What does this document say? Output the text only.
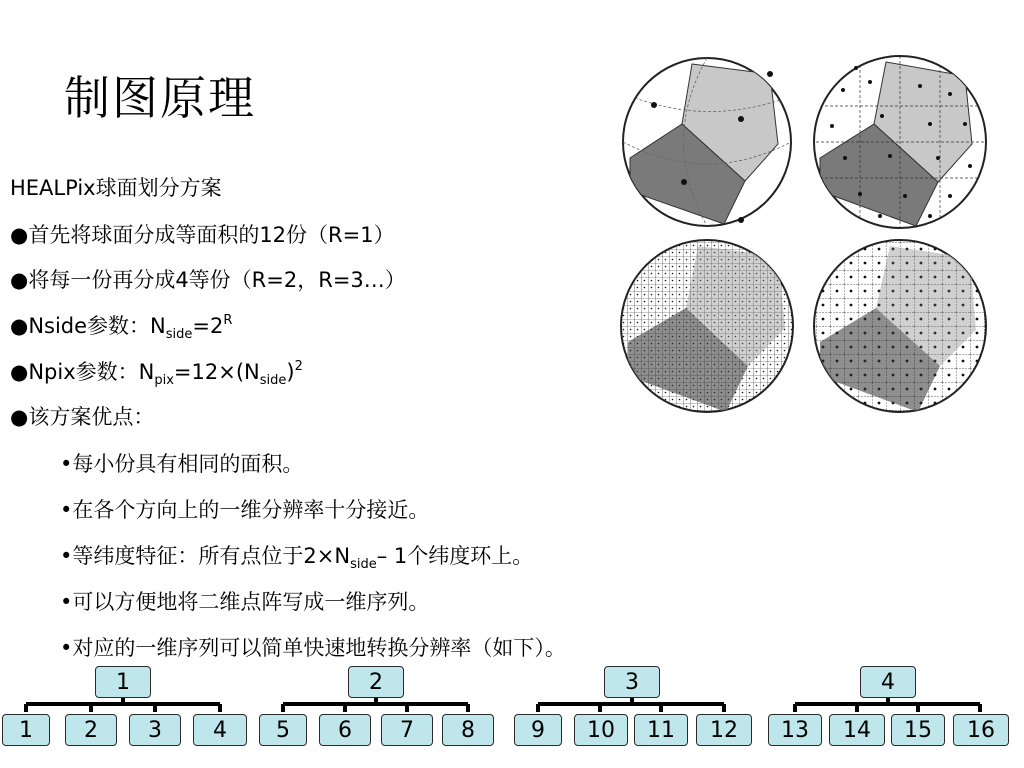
制图原理
HEALPix球面划分方案
●首先将球面分成等面积的12份（R=1）
●将每一份再分成4等份（R=2，R=3…）
●Nside参数：$N_{side}=2^R$
●Npix参数：$N_{pix}=12\times(N_{side})^2$
●该方案优点：
•每小份具有相同的面积。
•在各个方向上的一维分辨率十分接近。
•等纬度特征：所有点位于$2\times N_{side}-$ 1个纬度环上。
•可以方便地将二维点阵写成一维序列。
•对应的一维序列可以简单快速地转换分辨率（如下）。
1	2	3	4
1	2	3	4	5	6	7	8	9	10	11	12	13	14	15	16
